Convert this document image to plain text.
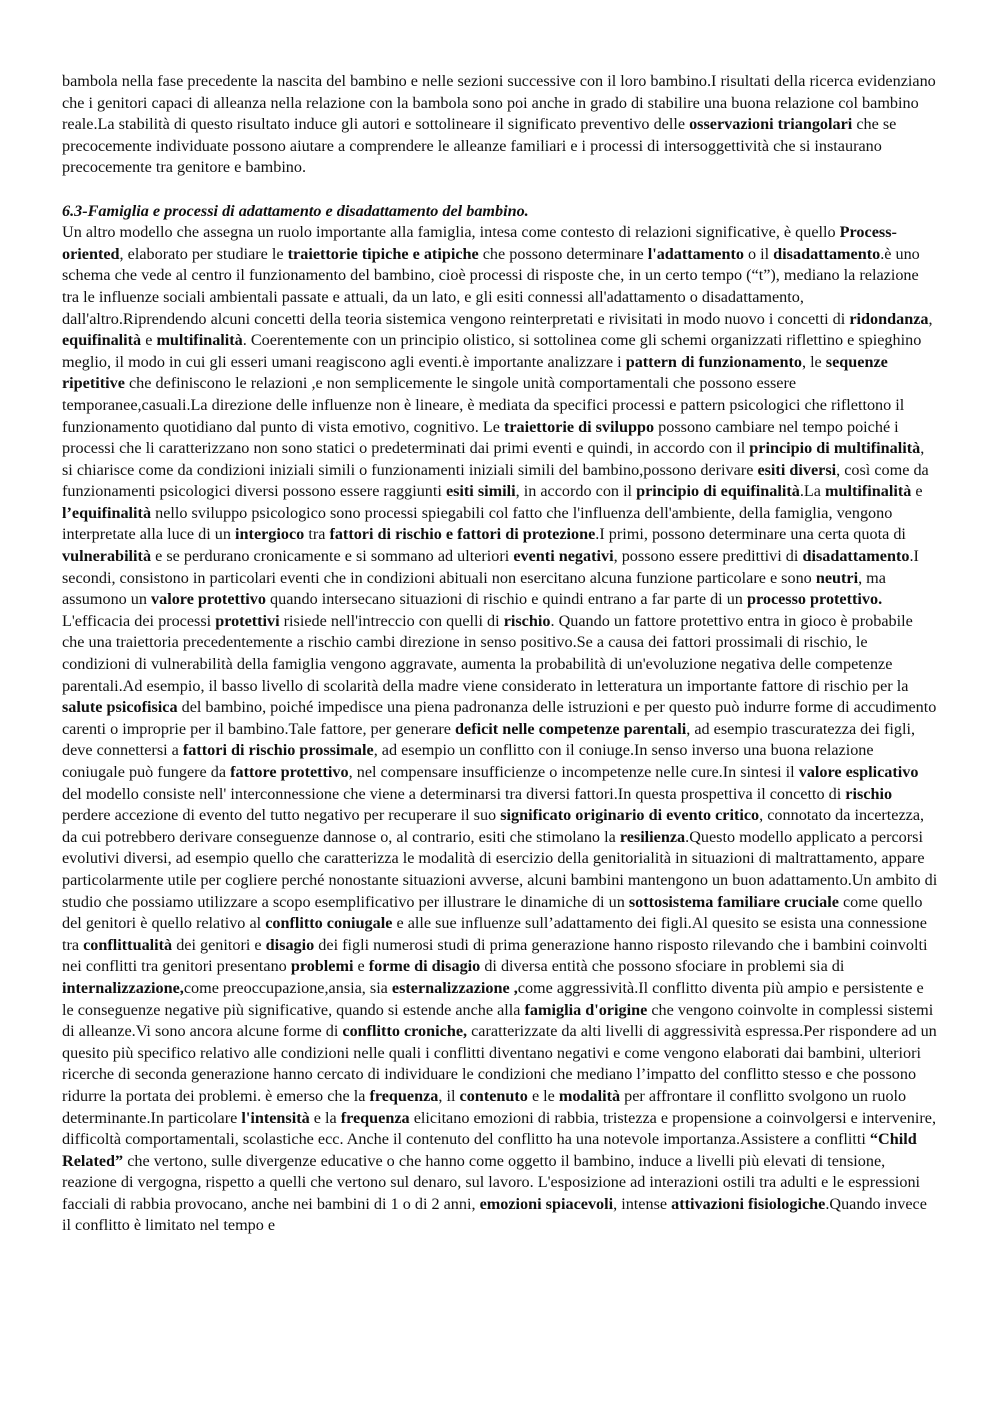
bambola nella fase precedente la nascita del bambino e nelle sezioni successive con il loro bambino.I risultati della ricerca evidenziano che i genitori capaci di alleanza nella relazione con la bambola sono poi anche in grado di stabilire una buona relazione col bambino reale.La stabilità di questo risultato induce gli autori e sottolineare il significato preventivo delle osservazioni triangolari che se precocemente individuate possono aiutare a comprendere le alleanze familiari e i processi di intersoggettività che si instaurano precocemente tra genitore e bambino.

6.3-Famiglia e processi di adattamento e disadattamento del bambino.

Un altro modello che assegna un ruolo importante alla famiglia, intesa come contesto di relazioni significative, è quello Process-oriented, elaborato per studiare le traiettorie tipiche e atipiche che possono determinare l'adattamento o il disadattamento.è uno schema che vede al centro il funzionamento del bambino, cioè processi di risposte che, in un certo tempo (“t”), mediano la relazione tra le influenze sociali ambientali passate e attuali, da un lato, e gli esiti connessi all'adattamento o disadattamento, dall'altro.Riprendendo alcuni concetti della teoria sistemica vengono reinterpretati e rivisitati in modo nuovo i concetti di ridondanza, equifinalità e multifinalità. Coerentemente con un principio olistico, si sottolinea come gli schemi organizzati riflettino e spieghino meglio, il modo in cui gli esseri umani reagiscono agli eventi.è importante analizzare i pattern di funzionamento, le sequenze ripetitive che definiscono le relazioni ,e non semplicemente le singole unità comportamentali che possono essere temporanee,casuali.La direzione delle influenze non è lineare, è mediata da specifici processi e pattern psicologici che riflettono il funzionamento quotidiano dal punto di vista emotivo, cognitivo. Le traiettorie di sviluppo possono cambiare nel tempo poiché i processi che li caratterizzano non sono statici o predeterminati dai primi eventi e quindi, in accordo con il principio di multifinalità, si chiarisce come da condizioni iniziali simili o funzionamenti iniziali simili del bambino,possono derivare esiti diversi, così come da funzionamenti psicologici diversi possono essere raggiunti esiti simili, in accordo con il principio di equifinalità.La multifinalità e l’equifinalità nello sviluppo psicologico sono processi spiegabili col fatto che l'influenza dell'ambiente, della famiglia, vengono interpretate alla luce di un intergioco tra fattori di rischio e fattori di protezione.I primi, possono determinare una certa quota di vulnerabilità e se perdurano cronicamente e si sommano ad ulteriori eventi negativi, possono essere predittivi di disadattamento.I secondi, consistono in particolari eventi che in condizioni abituali non esercitano alcuna funzione particolare e sono neutri, ma assumono un valore protettivo quando intersecano situazioni di rischio e quindi entrano a far parte di un processo protettivo. L'efficacia dei processi protettivi risiede nell'intreccio con quelli di rischio. Quando un fattore protettivo entra in gioco è probabile che una traiettoria precedentemente a rischio cambi direzione in senso positivo.Se a causa dei fattori prossimali di rischio, le condizioni di vulnerabilità della famiglia vengono aggravate, aumenta la probabilità di un'evoluzione negativa delle competenze parentali.Ad esempio, il basso livello di scolarità della madre viene considerato in letteratura un importante fattore di rischio per la salute psicofisica del bambino, poiché impedisce una piena padronanza delle istruzioni e per questo può indurre forme di accudimento carenti o improprie per il bambino.Tale fattore, per generare deficit nelle competenze parentali, ad esempio trascuratezza dei figli, deve connettersi a fattori di rischio prossimale, ad esempio un conflitto con il coniuge.In senso inverso una buona relazione coniugale può fungere da fattore protettivo, nel compensare insufficienze o incompetenze nelle cure.In sintesi il valore esplicativo del modello consiste nell' interconnessione che viene a determinarsi tra diversi fattori.In questa prospettiva il concetto di rischio perdere accezione di evento del tutto negativo per recuperare il suo significato originario di evento critico, connotato da incertezza, da cui potrebbero derivare conseguenze dannose o, al contrario, esiti che stimolano la resilienza.Questo modello applicato a percorsi evolutivi diversi, ad esempio quello che caratterizza le modalità di esercizio della genitorialità in situazioni di maltrattamento, appare particolarmente utile per cogliere perché nonostante situazioni avverse, alcuni bambini mantengono un buon adattamento.Un ambito di studio che possiamo utilizzare a scopo esemplificativo per illustrare le dinamiche di un sottosistema familiare cruciale come quello del genitori è quello relativo al conflitto coniugale e alle sue influenze sull’adattamento dei figli.Al quesito se esista una connessione tra conflittualità dei genitori e disagio dei figli numerosi studi di prima generazione hanno risposto rilevando che i bambini coinvolti nei conflitti tra genitori presentano problemi e forme di disagio di diversa entità che possono sfociare in problemi sia di internalizzazione,come preoccupazione,ansia, sia esternalizzazione ,come aggressività.Il conflitto diventa più ampio e persistente e le conseguenze negative più significative, quando si estende anche alla famiglia d'origine che vengono coinvolte in complessi sistemi di alleanze.Vi sono ancora alcune forme di conflitto croniche, caratterizzate da alti livelli di aggressività espressa.Per rispondere ad un quesito più specifico relativo alle condizioni nelle quali i conflitti diventano negativi e come vengono elaborati dai bambini, ulteriori ricerche di seconda generazione hanno cercato di individuare le condizioni che mediano l’impatto del conflitto stesso e che possono ridurre la portata dei problemi. è emerso che la frequenza, il contenuto e le modalità per affrontare il conflitto svolgono un ruolo determinante.In particolare l'intensità e la frequenza elicitano emozioni di rabbia, tristezza e propensione a coinvolgersi e intervenire, difficoltà comportamentali, scolastiche ecc. Anche il contenuto del conflitto ha una notevole importanza.Assistere a conflitti “Child Related” che vertono, sulle divergenze educative o che hanno come oggetto il bambino, induce a livelli più elevati di tensione, reazione di vergogna, rispetto a quelli che vertono sul denaro, sul lavoro. L'esposizione ad interazioni ostili tra adulti e le espressioni facciali di rabbia provocano, anche nei bambini di 1 o di 2 anni, emozioni spiacevoli, intense attivazioni fisiologiche.Quando invece il conflitto è limitato nel tempo e
